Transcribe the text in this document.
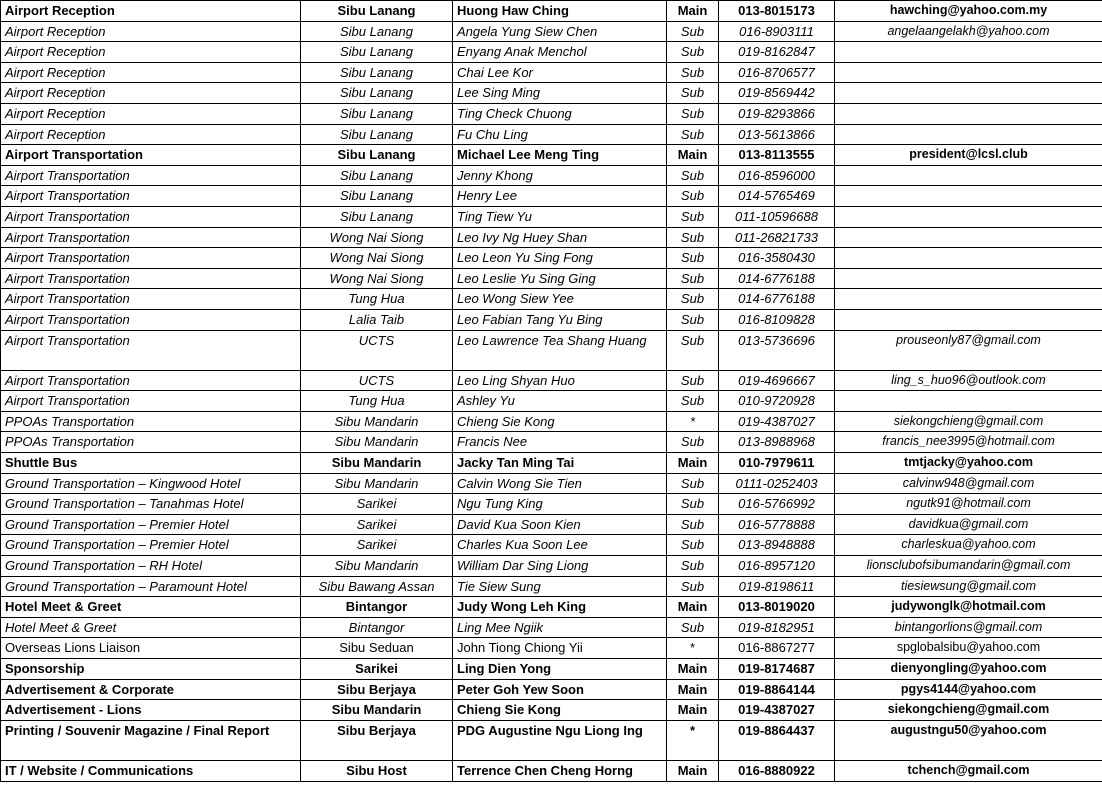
Airport Reception	Sibu Lanang	Huong Haw Ching	Main	013-8015173	hawching@yahoo.com.my
Airport Reception	Sibu Lanang	Angela Yung Siew Chen	Sub	016-8903111	angelaangelakh@yahoo.com
Airport Reception	Sibu Lanang	Enyang Anak Menchol	Sub	019-8162847	
Airport Reception	Sibu Lanang	Chai Lee Kor	Sub	016-8706577	
Airport Reception	Sibu Lanang	Lee Sing Ming	Sub	019-8569442	
Airport Reception	Sibu Lanang	Ting Check Chuong	Sub	019-8293866	
Airport Reception	Sibu Lanang	Fu Chu Ling	Sub	013-5613866	
Airport Transportation	Sibu Lanang	Michael Lee Meng Ting	Main	013-8113555	president@lcsl.club
Airport Transportation	Sibu Lanang	Jenny Khong	Sub	016-8596000	
Airport Transportation	Sibu Lanang	Henry Lee	Sub	014-5765469	
Airport Transportation	Sibu Lanang	Ting Tiew Yu	Sub	011-10596688	
Airport Transportation	Wong Nai Siong	Leo Ivy Ng Huey Shan	Sub	011-26821733	
Airport Transportation	Wong Nai Siong	Leo Leon Yu Sing Fong	Sub	016-3580430	
Airport Transportation	Wong Nai Siong	Leo Leslie Yu Sing Ging	Sub	014-6776188	
Airport Transportation	Tung Hua	Leo Wong Siew Yee	Sub	014-6776188	
Airport Transportation	Lalia Taib	Leo Fabian Tang Yu Bing	Sub	016-8109828	
Airport Transportation	UCTS	Leo Lawrence Tea Shang Huang	Sub	013-5736696	prouseonly87@gmail.com
Airport Transportation	UCTS	Leo Ling Shyan Huo	Sub	019-4696667	ling_s_huo96@outlook.com
Airport Transportation	Tung Hua	Ashley Yu	Sub	010-9720928	
PPOAs Transportation	Sibu Mandarin	Chieng Sie Kong	*	019-4387027	siekongchieng@gmail.com
PPOAs Transportation	Sibu Mandarin	Francis Nee	Sub	013-8988968	francis_nee3995@hotmail.com
Shuttle Bus	Sibu Mandarin	Jacky Tan Ming Tai	Main	010-7979611	tmtjacky@yahoo.com
Ground Transportation – Kingwood Hotel	Sibu Mandarin	Calvin Wong Sie Tien	Sub	0111-0252403	calvinw948@gmail.com
Ground Transportation – Tanahmas Hotel	Sarikei	Ngu Tung King	Sub	016-5766992	ngutk91@hotmail.com
Ground Transportation – Premier Hotel	Sarikei	David Kua Soon Kien	Sub	016-5778888	davidkua@gmail.com
Ground Transportation – Premier Hotel	Sarikei	Charles Kua Soon Lee	Sub	013-8948888	charleskua@yahoo.com
Ground Transportation – RH Hotel	Sibu Mandarin	William Dar Sing Liong	Sub	016-8957120	lionsclubofsibumandarin@gmail.com
Ground Transportation – Paramount Hotel	Sibu Bawang Assan	Tie Siew Sung	Sub	019-8198611	tiesiewsung@gmail.com
Hotel Meet & Greet	Bintangor	Judy Wong Leh King	Main	013-8019020	judywonglk@hotmail.com
Hotel Meet & Greet	Bintangor	Ling Mee Ngiik	Sub	019-8182951	bintangorlions@gmail.com
Overseas Lions Liaison	Sibu Seduan	John Tiong Chiong Yii	*	016-8867277	spglobalsibu@yahoo.com
Sponsorship	Sarikei	Ling Dien Yong	Main	019-8174687	dienyongling@yahoo.com
Advertisement & Corporate	Sibu Berjaya	Peter Goh Yew Soon	Main	019-8864144	pgys4144@yahoo.com
Advertisement - Lions	Sibu Mandarin	Chieng Sie Kong	Main	019-4387027	siekongchieng@gmail.com
Printing / Souvenir Magazine / Final Report	Sibu Berjaya	PDG Augustine Ngu Liong Ing	*	019-8864437	augustngu50@yahoo.com
IT / Website / Communications	Sibu Host	Terrence Chen Cheng Horng	Main	016-8880922	tchench@gmail.com
